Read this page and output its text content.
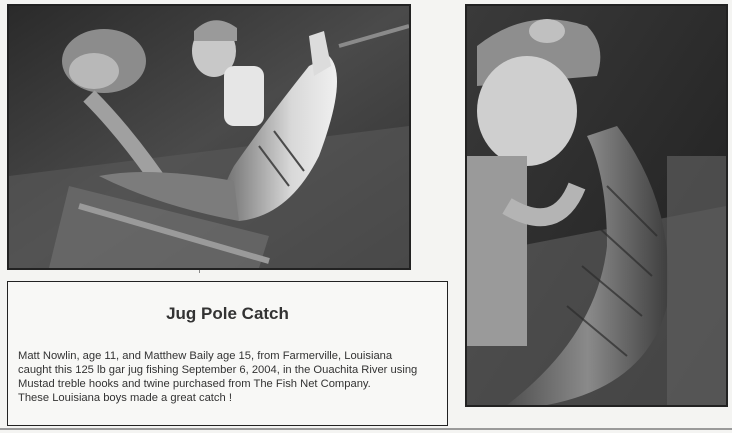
Jug Pole Catch

Matt Nowlin, age 11, and Matthew Baily age 15, from Farmerville, Louisiana
caught this 125 lb gar jug fishing September 6, 2004, in the Ouachita River using
Mustad treble hooks and twine purchased from The Fish Net Company.
These Louisiana boys made a great catch !
